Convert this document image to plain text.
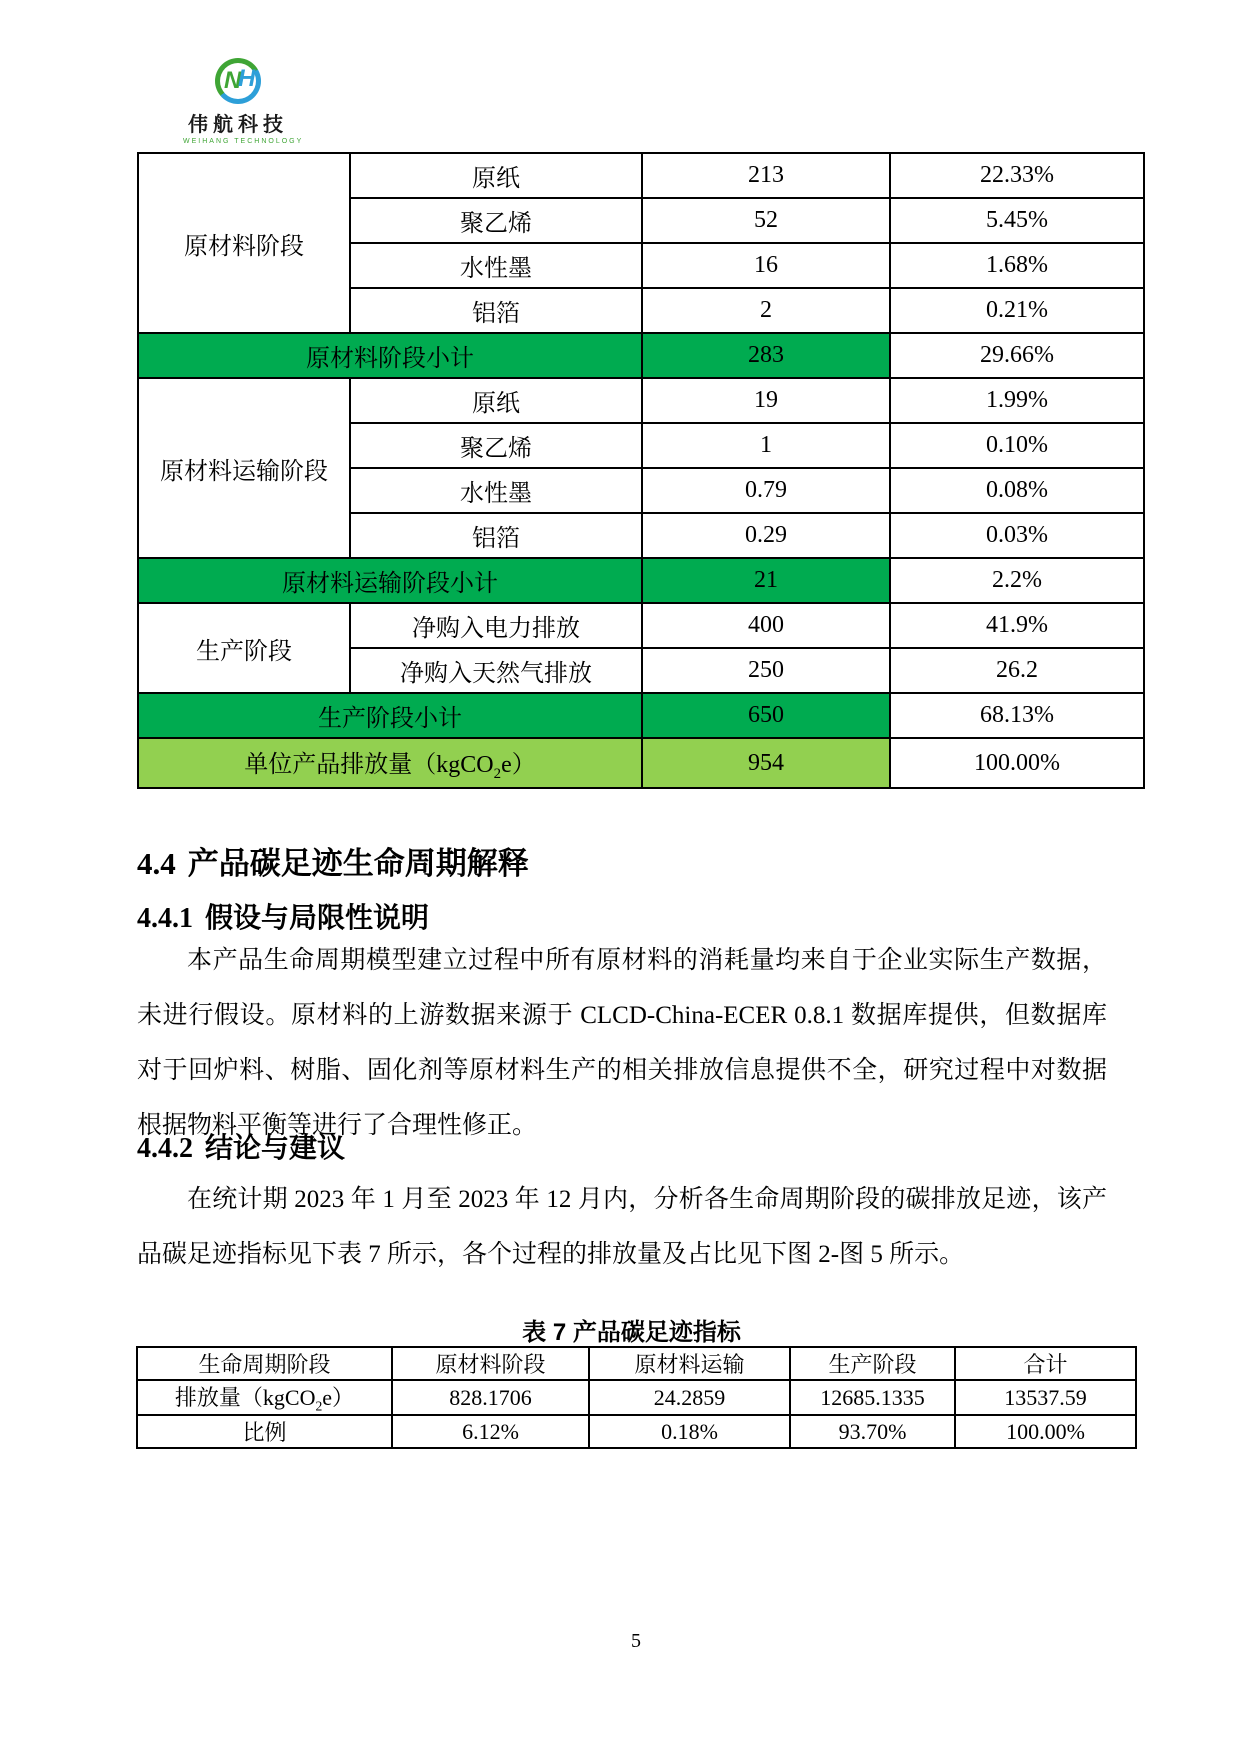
N
H
伟航科技
WEIHANG TECHNOLOGY
原材料阶段	原纸	213	22.33%
	聚乙烯	52	5.45%
	水性墨	16	1.68%
	铝箔	2	0.21%
原材料阶段小计		283	29.66%
原材料运输阶段	原纸	19	1.99%
	聚乙烯	1	0.10%
	水性墨	0.79	0.08%
	铝箔	0.29	0.03%
原材料运输阶段小计		21	2.2%
生产阶段	净购入电力排放	400	41.9%
	净购入天然气排放	250	26.2
生产阶段小计		650	68.13%
单位产品排放量（kgCO$_2$e）		954	100.00%
4.4 产品碳足迹生命周期解释
4.4.1 假设与局限性说明
本产品生命周期模型建立过程中所有原材料的消耗量均来自于企业实际生产数据，未进行假设。原材料的上游数据来源于 CLCD-China-ECER 0.8.1 数据库提供，但数据库对于回炉料、树脂、固化剂等原材料生产的相关排放信息提供不全，研究过程中对数据根据物料平衡等进行了合理性修正。
4.4.2 结论与建议
在统计期 2023 年 1 月至 2023 年 12 月内，分析各生命周期阶段的碳排放足迹，该产品碳足迹指标见下表 7 所示，各个过程的排放量及占比见下图 2-图 5 所示。
表 7 产品碳足迹指标
生命周期阶段	原材料阶段	原材料运输	生产阶段	合计
排放量（kgCO$_2$e）	828.1706	24.2859	12685.1335	13537.59
比例	6.12%	0.18%	93.70%	100.00%
5
